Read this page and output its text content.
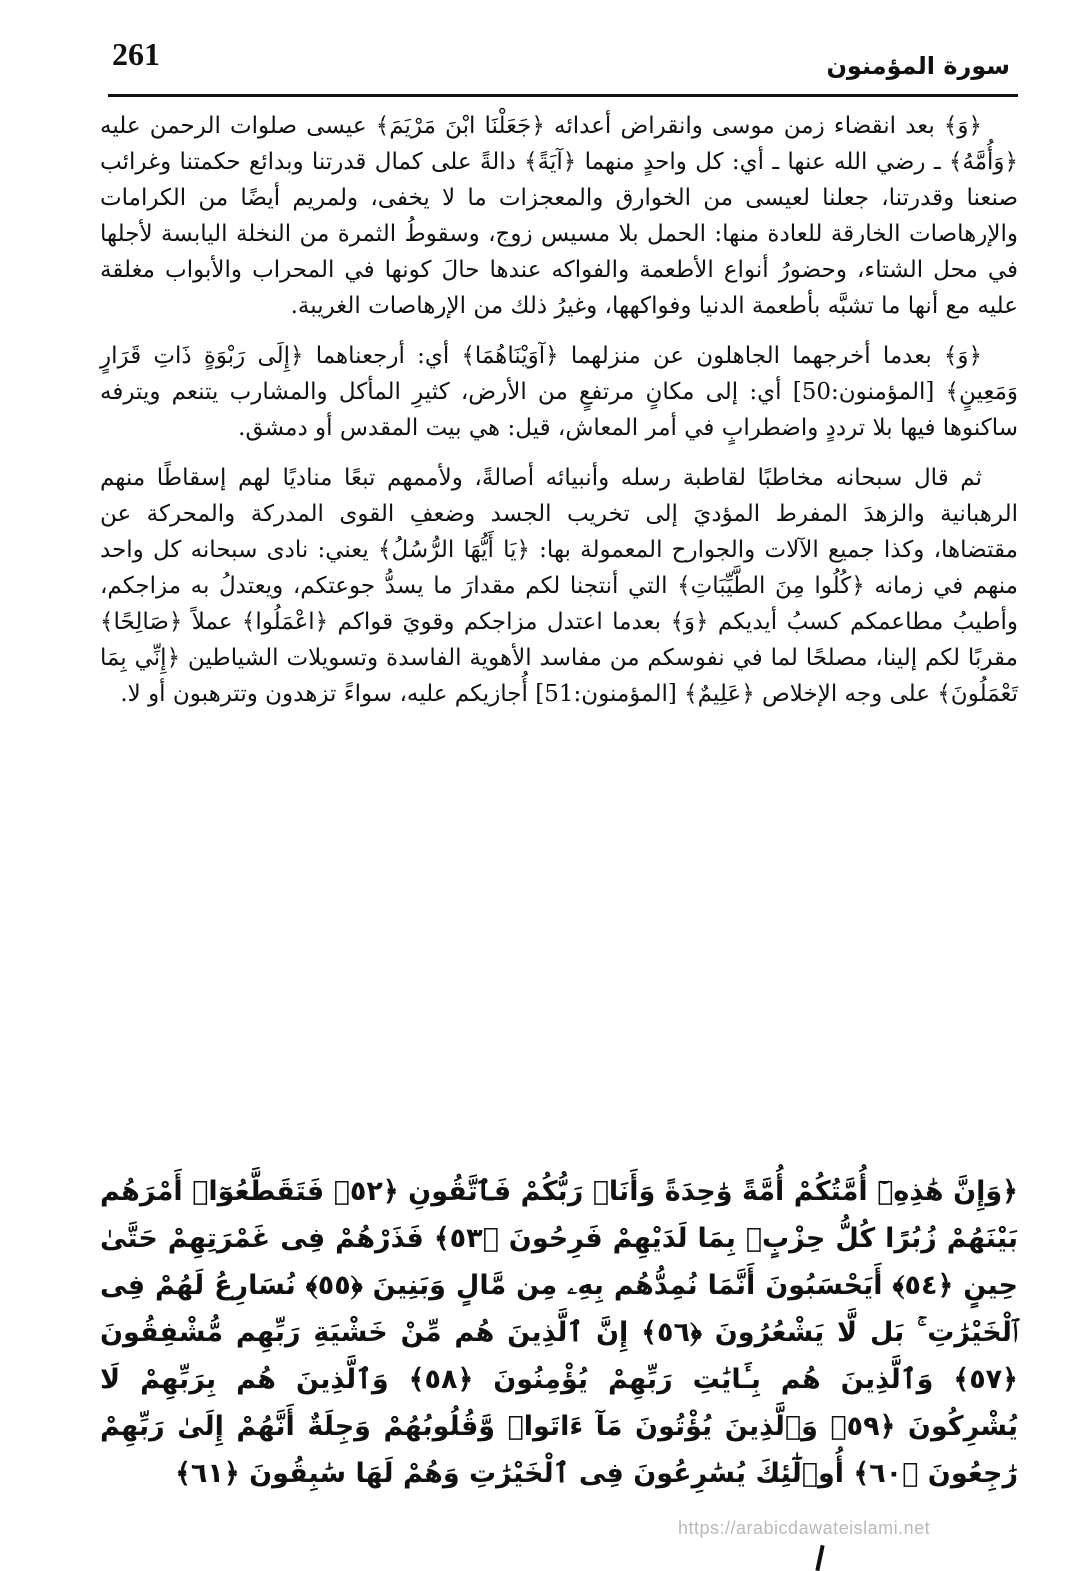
261	سورة المؤمنون

﴿وَ﴾ بعد انقضاء زمن موسى وانقراض أعدائه ﴿جَعَلْنَا ابْنَ مَرْيَمَ﴾ عيسى صلوات الرحمن عليه ﴿وَأُمَّهُ﴾ ـ رضي الله عنها ـ أي: كل واحدٍ منهما ﴿آيَةً﴾ دالةً على كمال قدرتنا وبدائع حكمتنا وغرائب صنعنا وقدرتنا، جعلنا لعيسى من الخوارق والمعجزات ما لا يخفى، ولمريم أيضًا من الكرامات والإرهاصات الخارقة للعادة منها: الحمل بلا مسيس زوج، وسقوطُ الثمرة من النخلة اليابسة لأجلها في محل الشتاء، وحضورُ أنواع الأطعمة والفواكه عندها حالَ كونها في المحراب والأبواب مغلقة عليه مع أنها ما تشبَّه بأطعمة الدنيا وفواكهها، وغيرُ ذلك من الإرهاصات الغريبة.

﴿وَ﴾ بعدما أخرجهما الجاهلون عن منزلهما ﴿آوَيْنَاهُمَا﴾ أي: أرجعناهما ﴿إِلَى رَبْوَةٍ ذَاتِ قَرَارٍ وَمَعِينٍ﴾ [المؤمنون:50] أي: إلى مكانٍ مرتفعٍ من الأرض، كثيرِ المأكل والمشارب يتنعم ويترفه ساكنوها فيها بلا ترددٍ واضطرابٍ في أمر المعاش، قيل: هي بيت المقدس أو دمشق.

ثم قال سبحانه مخاطبًا لقاطبة رسله وأنبيائه أصالةً، ولأممهم تبعًا مناديًا لهم إسقاطًا منهم الرهبانية والزهدَ المفرط المؤديَ إلى تخريب الجسد وضعفِ القوى المدركة والمحركة عن مقتضاها، وكذا جميع الآلات والجوارح المعمولة بها: ﴿يَا أَيُّهَا الرُّسُلُ﴾ يعني: نادى سبحانه كل واحد منهم في زمانه ﴿كُلُوا مِنَ الطَّيِّبَاتِ﴾ التي أنتجنا لكم مقدارَ ما يسدُّ جوعتكم، ويعتدلُ به مزاجكم، وأطيبُ مطاعمكم كسبُ أيديكم ﴿وَ﴾ بعدما اعتدل مزاجكم وقويَ قواكم ﴿اعْمَلُوا﴾ عملاً ﴿صَالِحًا﴾ مقربًا لكم إلينا، مصلحًا لما في نفوسكم من مفاسد الأهوية الفاسدة وتسويلات الشياطين ﴿إِنِّي بِمَا تَعْمَلُونَ﴾ على وجه الإخلاص ﴿عَلِيمٌ﴾ [المؤمنون:51] أُجازيكم عليه، سواءً تزهدون وتترهبون أو لا.

﴿وَإِنَّ هَٰذِهِۦٓ أُمَّتُكُمْ أُمَّةً وَٰحِدَةً وَأَنَا۠ رَبُّكُمْ فَٱتَّقُونِ ﴿٥٢﴾ فَتَقَطَّعُوٓا۟ أَمْرَهُم بَيْنَهُمْ زُبُرًا كُلُّ حِزْبٍۭ بِمَا لَدَيْهِمْ فَرِحُونَ ﴿٥٣﴾ فَذَرْهُمْ فِى غَمْرَتِهِمْ حَتَّىٰ حِينٍ ﴿٥٤﴾ أَيَحْسَبُونَ أَنَّمَا نُمِدُّهُم بِهِۦ مِن مَّالٍ وَبَنِينَ ﴿٥٥﴾ نُسَارِعُ لَهُمْ فِى ٱلْخَيْرَٰتِ ۚ بَل لَّا يَشْعُرُونَ ﴿٥٦﴾ إِنَّ ٱلَّذِينَ هُم مِّنْ خَشْيَةِ رَبِّهِم مُّشْفِقُونَ ﴿٥٧﴾ وَٱلَّذِينَ هُم بِـَٔايَٰتِ رَبِّهِمْ يُؤْمِنُونَ ﴿٥٨﴾ وَٱلَّذِينَ هُم بِرَبِّهِمْ لَا يُشْرِكُونَ ﴿٥٩﴾ وَٱلَّذِينَ يُؤْتُونَ مَآ ءَاتَوا۟ وَّقُلُوبُهُمْ وَجِلَةٌ أَنَّهُمْ إِلَىٰ رَبِّهِمْ رَٰجِعُونَ ﴿٦٠﴾ أُو۟لَٰٓئِكَ يُسَٰرِعُونَ فِى ٱلْخَيْرَٰتِ وَهُمْ لَهَا سَٰبِقُونَ ﴿٦١﴾
https://arabicdawateislami.net
